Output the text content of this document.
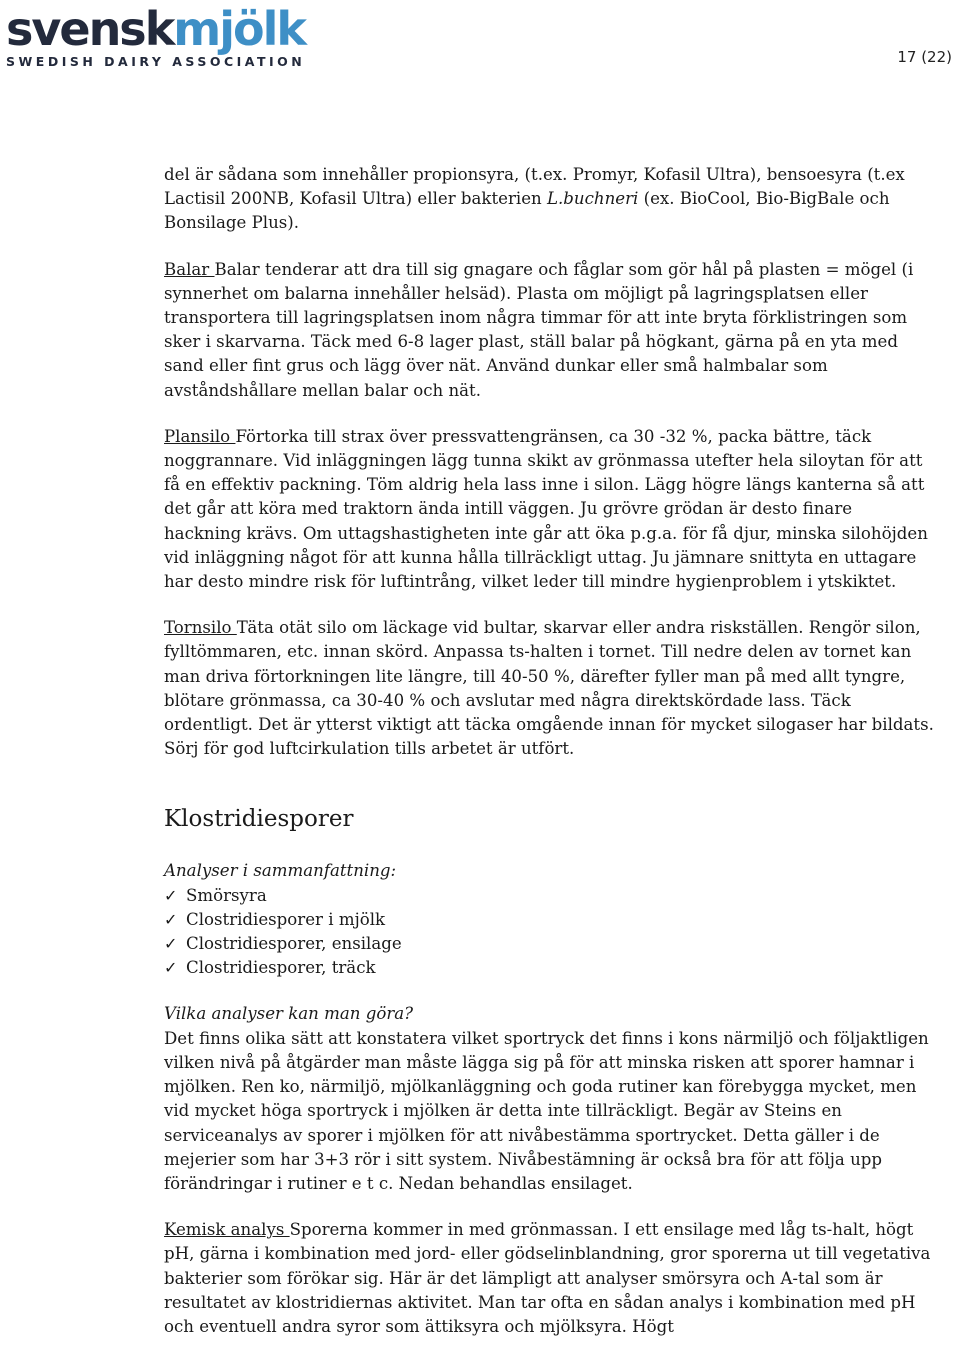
svenskmjölk
SWEDISH DAIRY ASSOCIATION	17 (22)

del är sådana som innehåller propionsyra, (t.ex. Promyr, Kofasil Ultra), bensoesyra (t.ex Lactisil 200NB, Kofasil Ultra) eller bakterien L.buchneri (ex. BioCool, Bio-BigBale och Bonsilage Plus).

Balar Balar tenderar att dra till sig gnagare och fåglar som gör hål på plasten = mögel (i synnerhet om balarna innehåller helsäd). Plasta om möjligt på lagringsplatsen eller transportera till lagringsplatsen inom några timmar för att inte bryta förklistringen som sker i skarvarna. Täck med 6-8 lager plast, ställ balar på högkant, gärna på en yta med sand eller fint grus och lägg över nät. Använd dunkar eller små halmbalar som avståndshållare mellan balar och nät.

Plansilo Förtorka till strax över pressvattengränsen, ca 30 -32 %, packa bättre, täck noggrannare. Vid inläggningen lägg tunna skikt av grönmassa utefter hela siloytan för att få en effektiv packning. Töm aldrig hela lass inne i silon. Lägg högre längs kanterna så att det går att köra med traktorn ända intill väggen. Ju grövre grödan är desto finare hackning krävs. Om uttagshastigheten inte går att öka p.g.a. för få djur, minska silohöjden vid inläggning något för att kunna hålla tillräckligt uttag. Ju jämnare snittyta en uttagare har desto mindre risk för luftintrång, vilket leder till mindre hygienproblem i ytskiktet.

Tornsilo Täta otät silo om läckage vid bultar, skarvar eller andra riskställen. Rengör silon, fylltömmaren, etc. innan skörd. Anpassa ts-halten i tornet. Till nedre delen av tornet kan man driva förtorkningen lite längre, till 40-50 %, därefter fyller man på med allt tyngre, blötare grönmassa, ca 30-40 % och avslutar med några direktskördade lass. Täck ordentligt. Det är ytterst viktigt att täcka omgående innan för mycket silogaser har bildats. Sörj för god luftcirkulation tills arbetet är utfört.

Klostridiesporer

Analyser i sammanfattning:

✓ Smörsyra
✓ Clostridiesporer i mjölk
✓ Clostridiesporer, ensilage
✓ Clostridiesporer, träck

Vilka analyser kan man göra?

Det finns olika sätt att konstatera vilket sportryck det finns i kons närmiljö och följaktligen vilken nivå på åtgärder man måste lägga sig på för att minska risken att sporer hamnar i mjölken. Ren ko, närmiljö, mjölkanläggning och goda rutiner kan förebygga mycket, men vid mycket höga sportryck i mjölken är detta inte tillräckligt. Begär av Steins en serviceanalys av sporer i mjölken för att nivåbestämma sportrycket. Detta gäller i de mejerier som har 3+3 rör i sitt system. Nivåbestämning är också bra för att följa upp förändringar i rutiner e t c. Nedan behandlas ensilaget.

Kemisk analys Sporerna kommer in med grönmassan. I ett ensilage med låg ts-halt, högt pH, gärna i kombination med jord- eller gödselinblandning, gror sporerna ut till vegetativa bakterier som förökar sig. Här är det lämpligt att analyser smörsyra och A-tal som är resultatet av klostridiernas aktivitet. Man tar ofta en sådan analys i kombination med pH och eventuell andra syror som ättiksyra och mjölksyra. Högt
